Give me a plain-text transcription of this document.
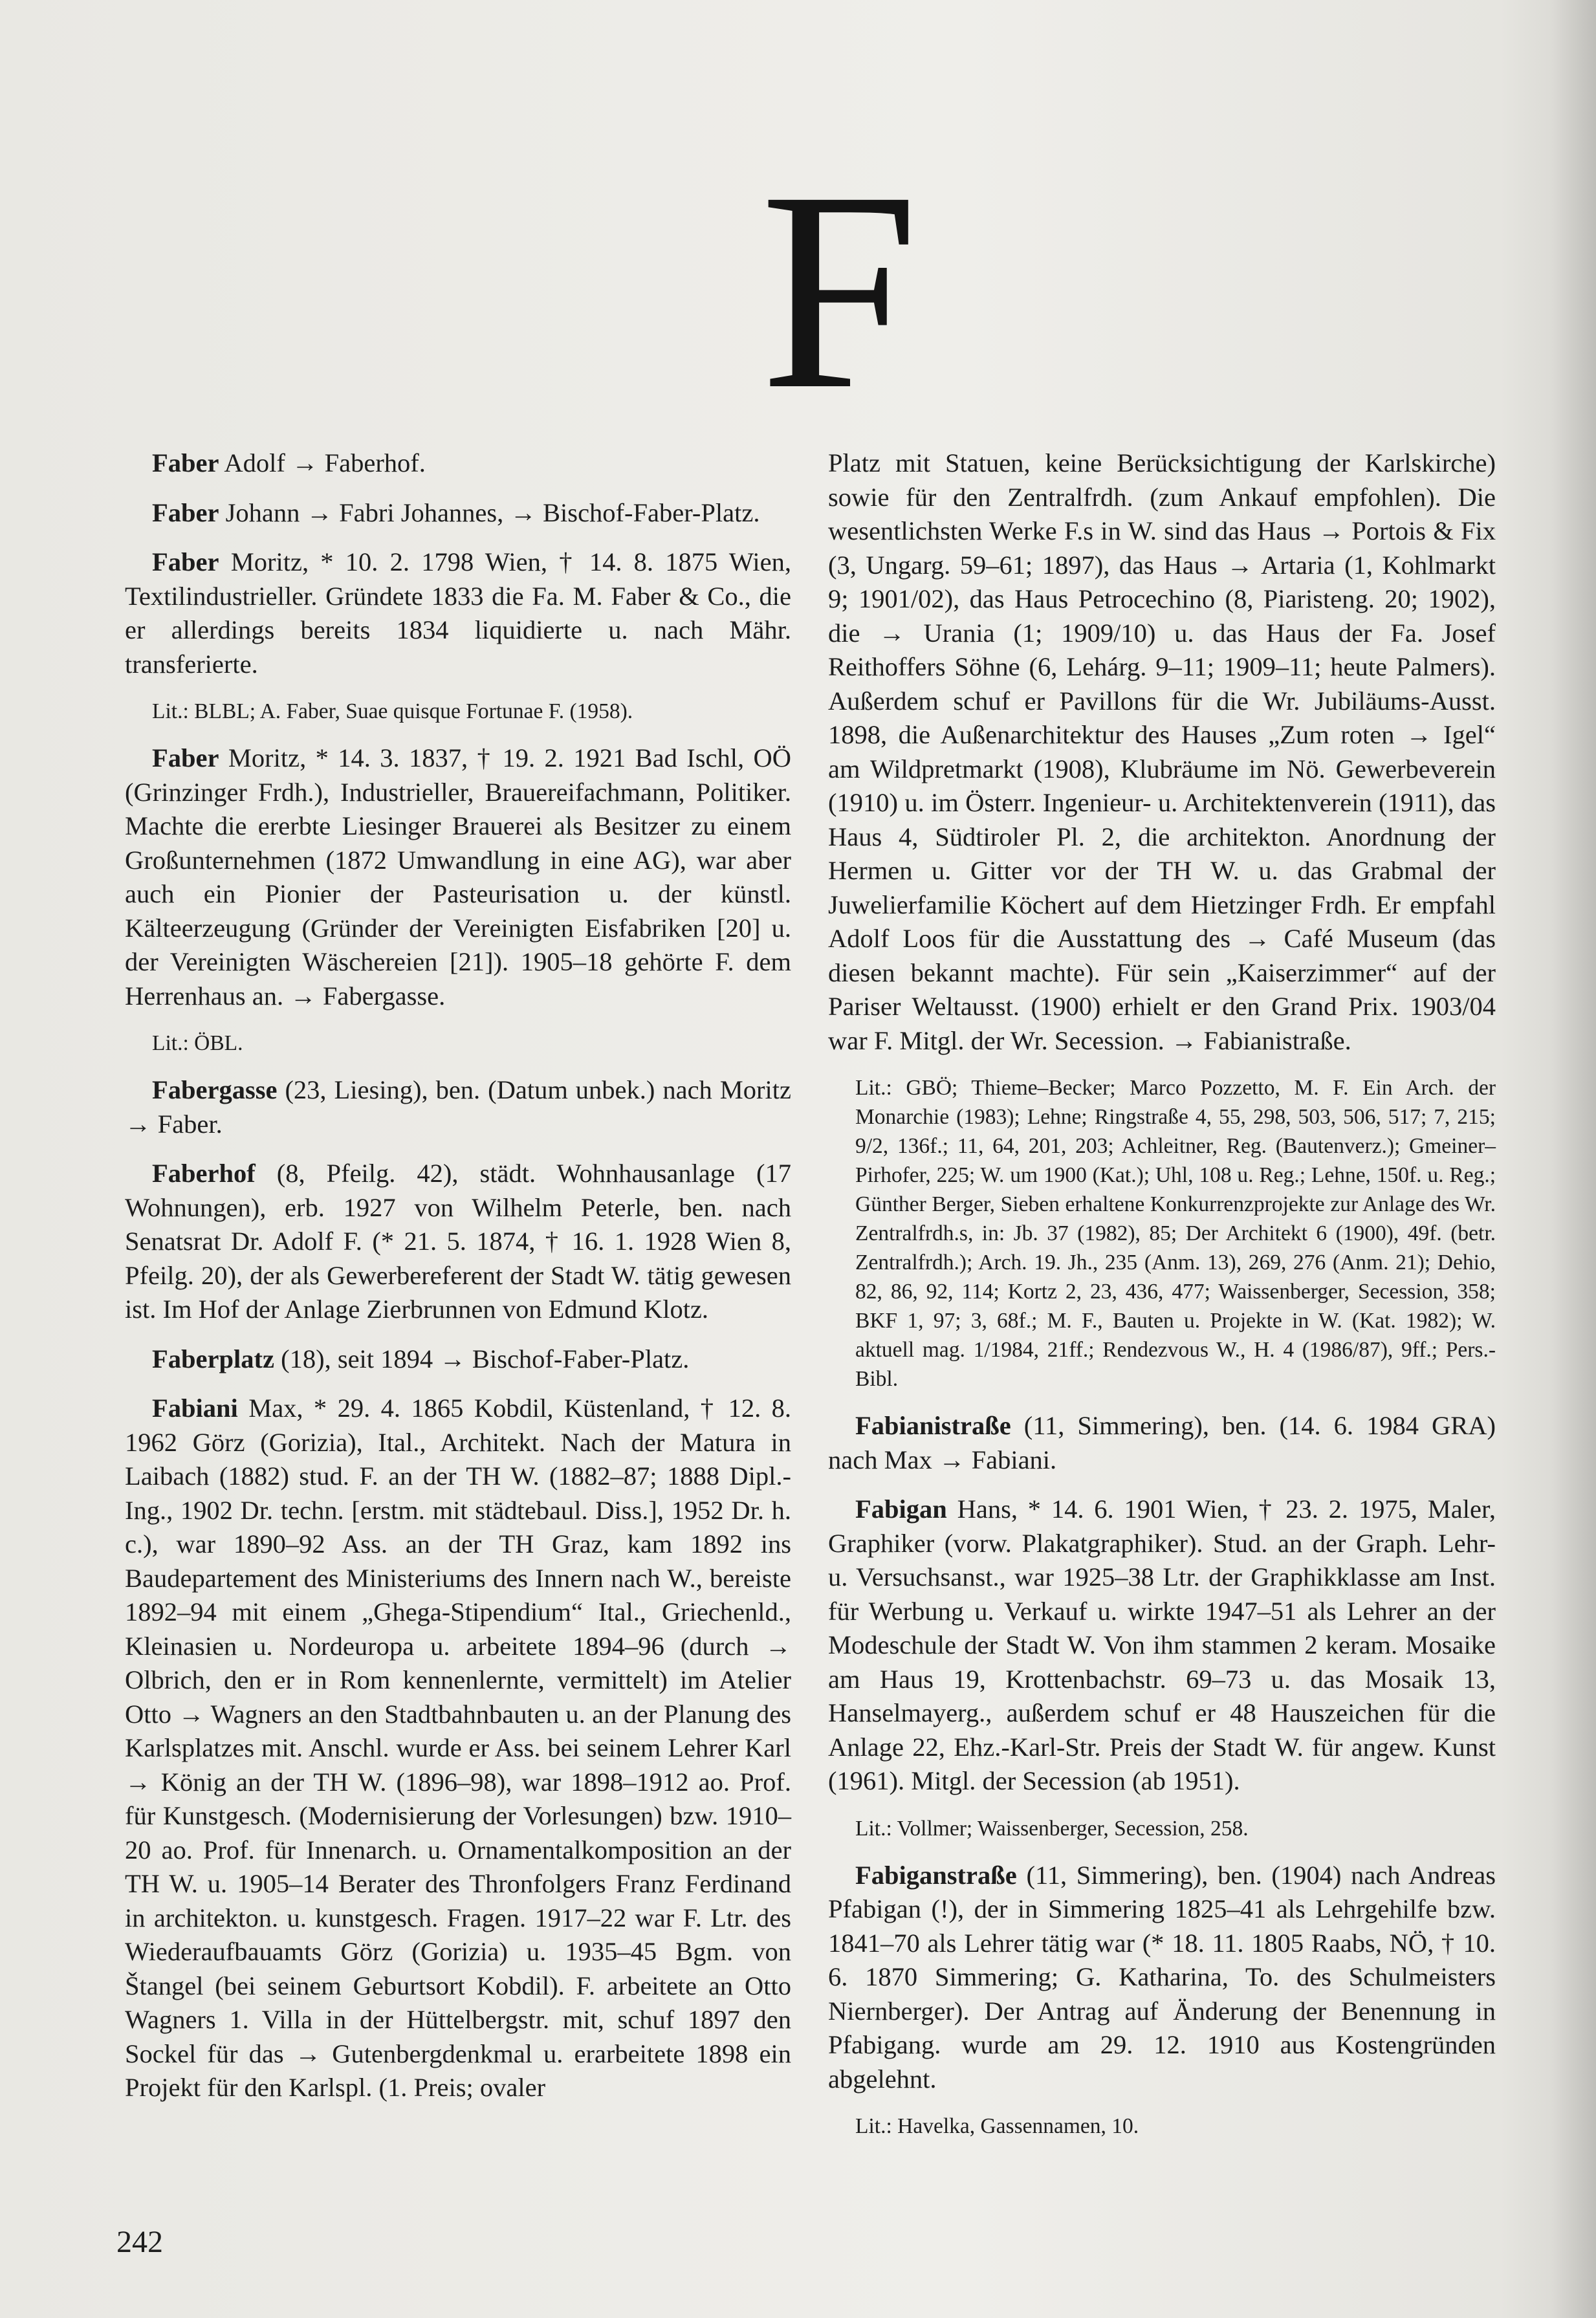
F

Faber Adolf → Faberhof.

Faber Johann → Fabri Johannes, → Bischof-Faber-Platz.

Faber Moritz, * 10. 2. 1798 Wien, † 14. 8. 1875 Wien, Textilindustrieller. Gründete 1833 die Fa. M. Faber & Co., die er allerdings bereits 1834 liquidierte u. nach Mähr. transferierte.

Lit.: BLBL; A. Faber, Suae quisque Fortunae F. (1958).

Faber Moritz, * 14. 3. 1837, † 19. 2. 1921 Bad Ischl, OÖ (Grinzinger Frdh.), Industrieller, Brauereifachmann, Politiker. Machte die ererbte Liesinger Brauerei als Besitzer zu einem Großunternehmen (1872 Umwandlung in eine AG), war aber auch ein Pionier der Pasteurisation u. der künstl. Kälteerzeugung (Gründer der Vereinigten Eisfabriken [20] u. der Vereinigten Wäschereien [21]). 1905–18 gehörte F. dem Herrenhaus an. → Fabergasse.

Lit.: ÖBL.

Fabergasse (23, Liesing), ben. (Datum unbek.) nach Moritz → Faber.

Faberhof (8, Pfeilg. 42), städt. Wohnhausanlage (17 Wohnungen), erb. 1927 von Wilhelm Peterle, ben. nach Senatsrat Dr. Adolf F. (* 21. 5. 1874, † 16. 1. 1928 Wien 8, Pfeilg. 20), der als Gewerbereferent der Stadt W. tätig gewesen ist. Im Hof der Anlage Zierbrunnen von Edmund Klotz.

Faberplatz (18), seit 1894 → Bischof-Faber-Platz.

Fabiani Max, * 29. 4. 1865 Kobdil, Küstenland, † 12. 8. 1962 Görz (Gorizia), Ital., Architekt. Nach der Matura in Laibach (1882) stud. F. an der TH W. (1882–87; 1888 Dipl.-Ing., 1902 Dr. techn. [erstm. mit städtebaul. Diss.], 1952 Dr. h. c.), war 1890–92 Ass. an der TH Graz, kam 1892 ins Baudepartement des Ministeriums des Innern nach W., bereiste 1892–94 mit einem „Ghega-Stipendium“ Ital., Griechenld., Kleinasien u. Nordeuropa u. arbeitete 1894–96 (durch → Olbrich, den er in Rom kennenlernte, vermittelt) im Atelier Otto → Wagners an den Stadtbahnbauten u. an der Planung des Karlsplatzes mit. Anschl. wurde er Ass. bei seinem Lehrer Karl → König an der TH W. (1896–98), war 1898–1912 ao. Prof. für Kunstgesch. (Modernisierung der Vorlesungen) bzw. 1910–20 ao. Prof. für Innenarch. u. Ornamentalkomposition an der TH W. u. 1905–14 Berater des Thronfolgers Franz Ferdinand in architekton. u. kunstgesch. Fragen. 1917–22 war F. Ltr. des Wiederaufbauamts Görz (Gorizia) u. 1935–45 Bgm. von Štangel (bei seinem Geburtsort Kobdil). F. arbeitete an Otto Wagners 1. Villa in der Hüttelbergstr. mit, schuf 1897 den Sockel für das → Gutenbergdenkmal u. erarbeitete 1898 ein Projekt für den Karlspl. (1. Preis; ovaler

Platz mit Statuen, keine Berücksichtigung der Karlskirche) sowie für den Zentralfrdh. (zum Ankauf empfohlen). Die wesentlichsten Werke F.s in W. sind das Haus → Portois & Fix (3, Ungarg. 59–61; 1897), das Haus → Artaria (1, Kohlmarkt 9; 1901/02), das Haus Petrocechino (8, Piaristeng. 20; 1902), die → Urania (1; 1909/10) u. das Haus der Fa. Josef Reithoffers Söhne (6, Lehárg. 9–11; 1909–11; heute Palmers). Außerdem schuf er Pavillons für die Wr. Jubiläums-Ausst. 1898, die Außenarchitektur des Hauses „Zum roten → Igel“ am Wildpretmarkt (1908), Klubräume im Nö. Gewerbeverein (1910) u. im Österr. Ingenieur- u. Architektenverein (1911), das Haus 4, Südtiroler Pl. 2, die architekton. Anordnung der Hermen u. Gitter vor der TH W. u. das Grabmal der Juwelierfamilie Köchert auf dem Hietzinger Frdh. Er empfahl Adolf Loos für die Ausstattung des → Café Museum (das diesen bekannt machte). Für sein „Kaiserzimmer“ auf der Pariser Weltausst. (1900) erhielt er den Grand Prix. 1903/04 war F. Mitgl. der Wr. Secession. → Fabianistraße.

Lit.: GBÖ; Thieme–Becker; Marco Pozzetto, M. F. Ein Arch. der Monarchie (1983); Lehne; Ringstraße 4, 55, 298, 503, 506, 517; 7, 215; 9/2, 136f.; 11, 64, 201, 203; Achleitner, Reg. (Bautenverz.); Gmeiner–Pirhofer, 225; W. um 1900 (Kat.); Uhl, 108 u. Reg.; Lehne, 150f. u. Reg.; Günther Berger, Sieben erhaltene Konkurrenzprojekte zur Anlage des Wr. Zentralfrdh.s, in: Jb. 37 (1982), 85; Der Architekt 6 (1900), 49f. (betr. Zentralfrdh.); Arch. 19. Jh., 235 (Anm. 13), 269, 276 (Anm. 21); Dehio, 82, 86, 92, 114; Kortz 2, 23, 436, 477; Waissenberger, Secession, 358; BKF 1, 97; 3, 68f.; M. F., Bauten u. Projekte in W. (Kat. 1982); W. aktuell mag. 1/1984, 21ff.; Rendezvous W., H. 4 (1986/87), 9ff.; Pers.-Bibl.

Fabianistraße (11, Simmering), ben. (14. 6. 1984 GRA) nach Max → Fabiani.

Fabigan Hans, * 14. 6. 1901 Wien, † 23. 2. 1975, Maler, Graphiker (vorw. Plakatgraphiker). Stud. an der Graph. Lehr- u. Versuchsanst., war 1925–38 Ltr. der Graphikklasse am Inst. für Werbung u. Verkauf u. wirkte 1947–51 als Lehrer an der Modeschule der Stadt W. Von ihm stammen 2 keram. Mosaike am Haus 19, Krottenbachstr. 69–73 u. das Mosaik 13, Hanselmayerg., außerdem schuf er 48 Hauszeichen für die Anlage 22, Ehz.-Karl-Str. Preis der Stadt W. für angew. Kunst (1961). Mitgl. der Secession (ab 1951).

Lit.: Vollmer; Waissenberger, Secession, 258.

Fabiganstraße (11, Simmering), ben. (1904) nach Andreas Pfabigan (!), der in Simmering 1825–41 als Lehrgehilfe bzw. 1841–70 als Lehrer tätig war (* 18. 11. 1805 Raabs, NÖ, † 10. 6. 1870 Simmering; G. Katharina, To. des Schulmeisters Niernberger). Der Antrag auf Änderung der Benennung in Pfabigang. wurde am 29. 12. 1910 aus Kostengründen abgelehnt.

Lit.: Havelka, Gassennamen, 10.
242
